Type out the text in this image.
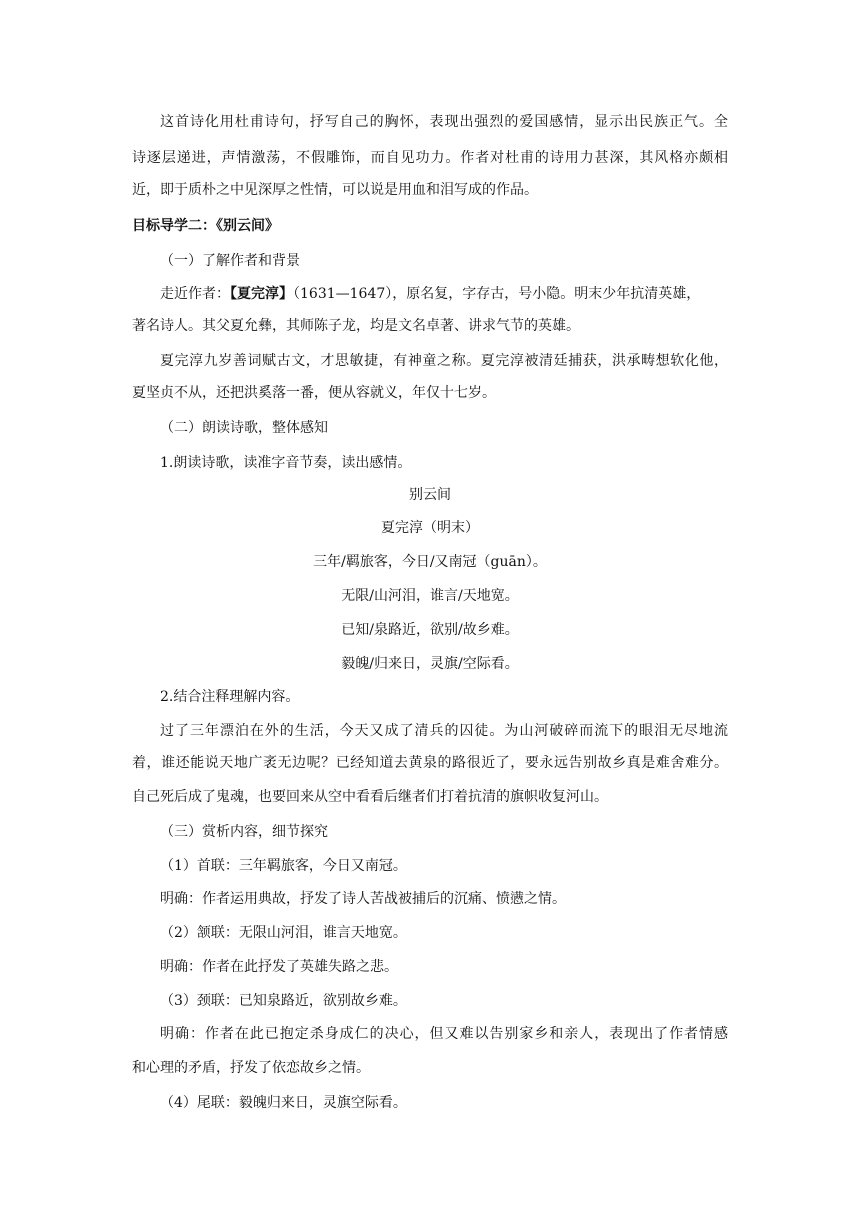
这首诗化用杜甫诗句，抒写自己的胸怀，表现出强烈的爱国感情，显示出民族正气。全
诗逐层递进，声情激荡，不假雕饰，而自见功力。作者对杜甫的诗用力甚深，其风格亦颇相
近，即于质朴之中见深厚之性情，可以说是用血和泪写成的作品。
目标导学二：《别云间》
（一）了解作者和背景
走近作者：【夏完淳】（1631—1647），原名复，字存古，号小隐。明末少年抗清英雄，
著名诗人。其父夏允彝，其师陈子龙，均是文名卓著、讲求气节的英雄。
夏完淳九岁善词赋古文，才思敏捷，有神童之称。夏完淳被清廷捕获，洪承畴想软化他，
夏坚贞不从，还把洪奚落一番，便从容就义，年仅十七岁。
（二）朗读诗歌，整体感知
1.朗读诗歌，读准字音节奏，读出感情。
别云间
夏完淳（明末）
三年/羁旅客，今日/又南冠（guān）。
无限/山河泪，谁言/天地宽。
已知/泉路近，欲别/故乡难。
毅魄/归来日，灵旗/空际看。
2.结合注释理解内容。
过了三年漂泊在外的生活，今天又成了清兵的囚徒。为山河破碎而流下的眼泪无尽地流
着，谁还能说天地广袤无边呢？已经知道去黄泉的路很近了，要永远告别故乡真是难舍难分。
自己死后成了鬼魂，也要回来从空中看看后继者们打着抗清的旗帜收复河山。
（三）赏析内容，细节探究
（1）首联：三年羁旅客，今日又南冠。
明确：作者运用典故，抒发了诗人苦战被捕后的沉痛、愤懑之情。
（2）颔联：无限山河泪，谁言天地宽。
明确：作者在此抒发了英雄失路之悲。
（3）颈联：已知泉路近，欲别故乡难。
明确：作者在此已抱定杀身成仁的决心，但又难以告别家乡和亲人，表现出了作者情感
和心理的矛盾，抒发了依恋故乡之情。
（4）尾联：毅魄归来日，灵旗空际看。
